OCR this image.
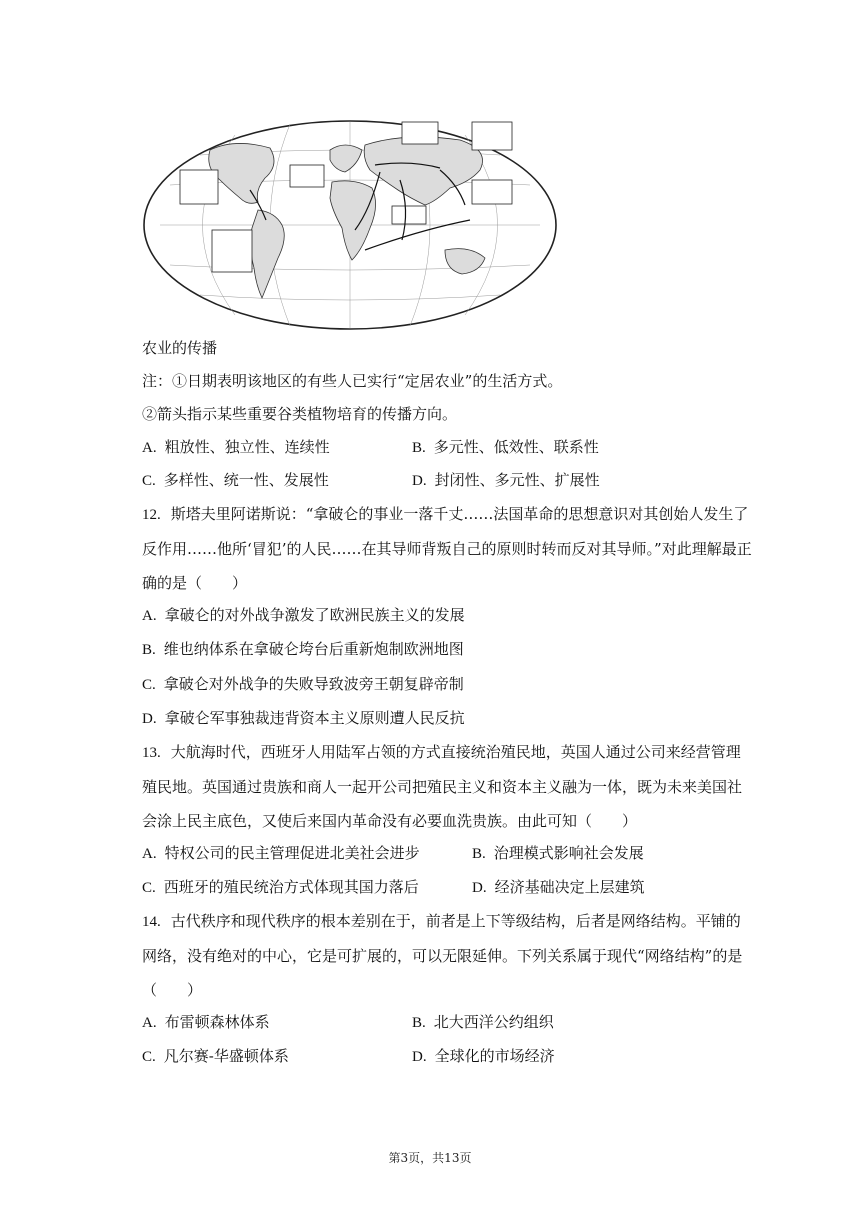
农业的传播
注：①日期表明该地区的有些人已实行“定居农业”的生活方式。
②箭头指示某些重要谷类植物培育的传播方向。
A. 粗放性、独立性、连续性	B. 多元性、低效性、联系性
C. 多样性、统一性、发展性	D. 封闭性、多元性、扩展性
12. 斯塔夫里阿诺斯说：“拿破仑的事业一落千丈……法国革命的思想意识对其创始人发生了反作用……他所‘冒犯’的人民……在其导师背叛自己的原则时转而反对其导师。”对此理解最正确的是（　　）
A. 拿破仑的对外战争激发了欧洲民族主义的发展
B. 维也纳体系在拿破仑垮台后重新炮制欧洲地图
C. 拿破仑对外战争的失败导致波旁王朝复辟帝制
D. 拿破仑军事独裁违背资本主义原则遭人民反抗
13. 大航海时代，西班牙人用陆军占领的方式直接统治殖民地，英国人通过公司来经营管理殖民地。英国通过贵族和商人一起开公司把殖民主义和资本主义融为一体，既为未来美国社会涂上民主底色，又使后来国内革命没有必要血洗贵族。由此可知（　　）
A. 特权公司的民主管理促进北美社会进步	B. 治理模式影响社会发展
C. 西班牙的殖民统治方式体现其国力落后	D. 经济基础决定上层建筑
14. 古代秩序和现代秩序的根本差别在于，前者是上下等级结构，后者是网络结构。平铺的网络，没有绝对的中心，它是可扩展的，可以无限延伸。下列关系属于现代“网络结构”的是（　　）
A. 布雷顿森林体系	B. 北大西洋公约组织
C. 凡尔赛-华盛顿体系	D. 全球化的市场经济
第3页，共13页
